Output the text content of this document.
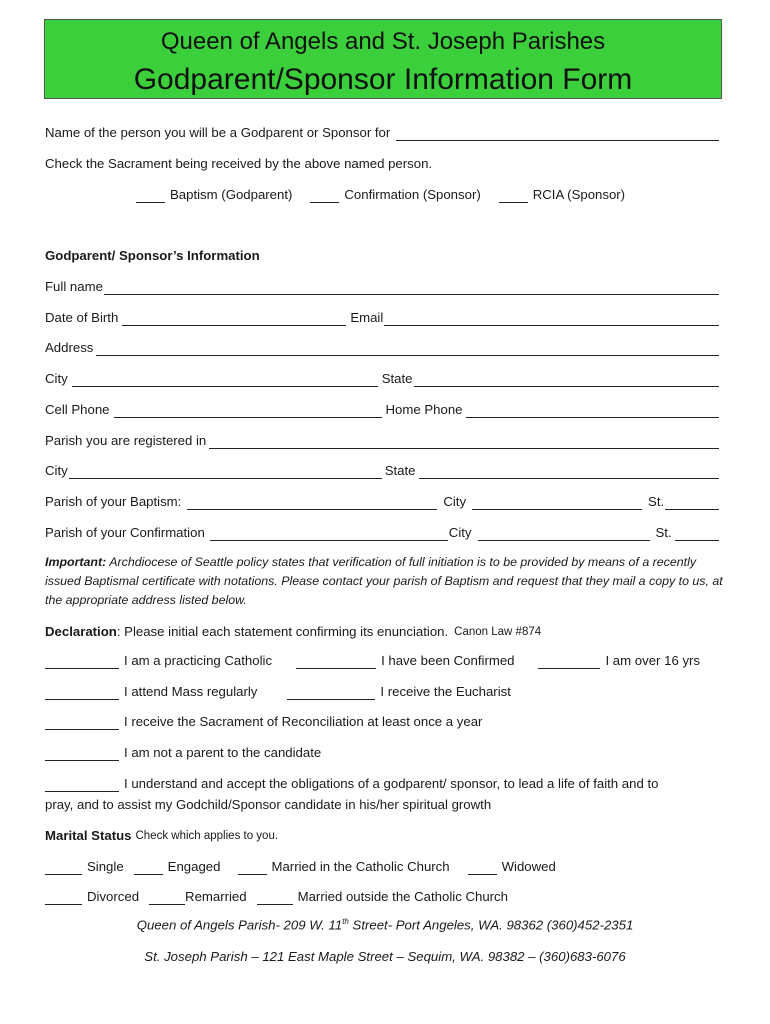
Queen of Angels and St. Joseph Parishes
Godparent/Sponsor Information Form
Name of the person you will be a Godparent or Sponsor for
Check the Sacrament being received by the above named person.
Baptism (Godparent)	Confirmation (Sponsor)	RCIA (Sponsor)
Godparent/ Sponsor’s Information
Full name
Date of Birth	Email
Address
City	State
Cell Phone	Home Phone
Parish you are registered in
City	State
Parish of your Baptism:	City	St.
Parish of your Confirmation	City	St.
Important: Archdiocese of Seattle policy states that verification of full initiation is to be provided by means of a recently issued Baptismal certificate with notations. Please contact your parish of Baptism and request that they mail a copy to us, at the appropriate address listed below.
Declaration : Please initial each statement confirming its enunciation. Canon Law #874
I am a practicing Catholic	I have been Confirmed	I am over 16 yrs
I attend Mass regularly	I receive the Eucharist
I receive the Sacrament of Reconciliation at least once a year
I am not a parent to the candidate
I understand and accept the obligations of a godparent/ sponsor, to lead a life of faith and to
pray, and to assist my Godchild/Sponsor candidate in his/her spiritual growth
Marital Status Check which applies to you.
Single	Engaged	Married in the Catholic Church	Widowed
Divorced	Remarried	Married outside the Catholic Church
Queen of Angels Parish- 209 W. 11th Street- Port Angeles, WA. 98362 (360)452-2351
St. Joseph Parish – 121 East Maple Street – Sequim, WA. 98382 – (360)683-6076
